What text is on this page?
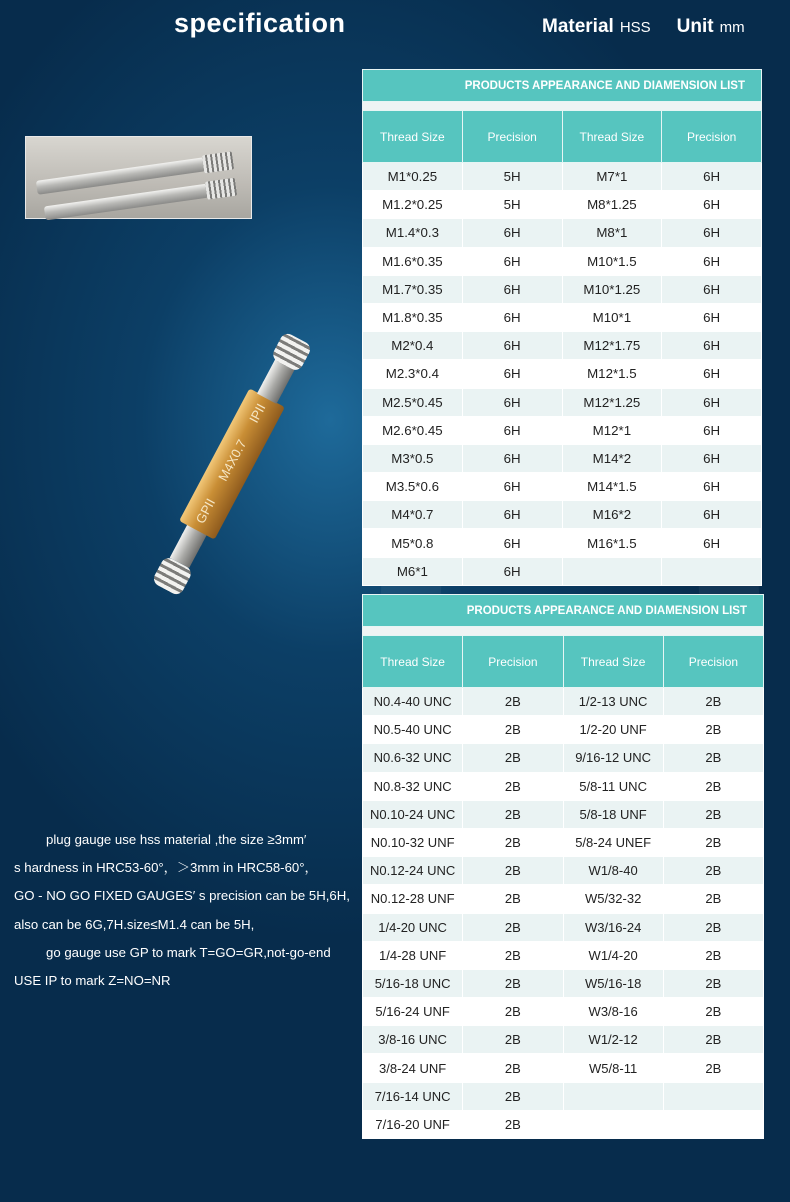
specification	Material HSS Unit mm
GPII
M4X0.7
IPII

plug gauge use hss material ,the size ≥3mm′

s hardness in HRC53-60°，＞3mm in HRC58-60°，

GO - NO GO FIXED GAUGES′ s precision can be 5H,6H,

also can be 6G,7H.size≤M1.4 can be 5H,

go gauge use GP to mark T=GO=GR,not-go-end

USE IP to mark Z=NO=NR

PRODUCTS APPEARANCE AND DIAMENSION LIST
Thread Size	Precision	Thread Size	Precision
M1*0.25	5H	M7*1	6H
M1.2*0.25	5H	M8*1.25	6H
M1.4*0.3	6H	M8*1	6H
M1.6*0.35	6H	M10*1.5	6H
M1.7*0.35	6H	M10*1.25	6H
M1.8*0.35	6H	M10*1	6H
M2*0.4	6H	M12*1.75	6H
M2.3*0.4	6H	M12*1.5	6H
M2.5*0.45	6H	M12*1.25	6H
M2.6*0.45	6H	M12*1	6H
M3*0.5	6H	M14*2	6H
M3.5*0.6	6H	M14*1.5	6H
M4*0.7	6H	M16*2	6H
M5*0.8	6H	M16*1.5	6H
M6*1	6H		
PRODUCTS APPEARANCE AND DIAMENSION LIST
Thread Size	Precision	Thread Size	Precision
N0.4-40 UNC	2B	1/2-13 UNC	2B
N0.5-40 UNC	2B	1/2-20 UNF	2B
N0.6-32 UNC	2B	9/16-12 UNC	2B
N0.8-32 UNC	2B	5/8-11 UNC	2B
N0.10-24 UNC	2B	5/8-18 UNF	2B
N0.10-32 UNF	2B	5/8-24 UNEF	2B
N0.12-24 UNC	2B	W1/8-40	2B
N0.12-28 UNF	2B	W5/32-32	2B
1/4-20 UNC	2B	W3/16-24	2B
1/4-28 UNF	2B	W1/4-20	2B
5/16-18 UNC	2B	W5/16-18	2B
5/16-24 UNF	2B	W3/8-16	2B
3/8-16 UNC	2B	W1/2-12	2B
3/8-24 UNF	2B	W5/8-11	2B
7/16-14 UNC	2B		
7/16-20 UNF	2B		
